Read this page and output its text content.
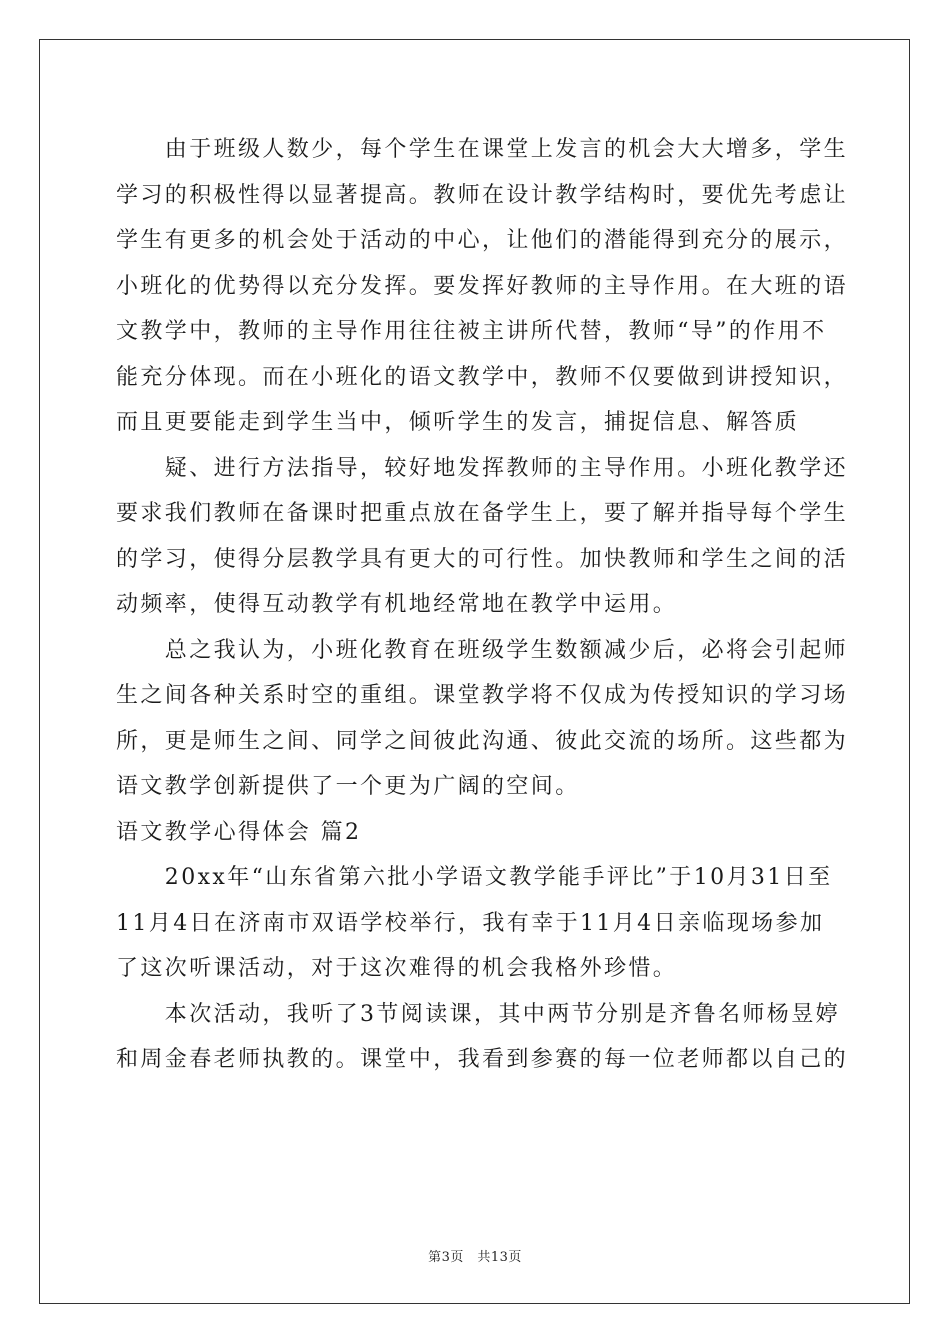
　　由于班级人数少，每个学生在课堂上发言的机会大大增多，学生
学习的积极性得以显著提高。教师在设计教学结构时，要优先考虑让
学生有更多的机会处于活动的中心，让他们的潜能得到充分的展示，
小班化的优势得以充分发挥。要发挥好教师的主导作用。在大班的语
文教学中，教师的主导作用往往被主讲所代替，教师“导”的作用不
能充分体现。而在小班化的语文教学中，教师不仅要做到讲授知识，
而且更要能走到学生当中，倾听学生的发言，捕捉信息、解答质
　　疑、进行方法指导，较好地发挥教师的主导作用。小班化教学还
要求我们教师在备课时把重点放在备学生上，要了解并指导每个学生
的学习，使得分层教学具有更大的可行性。加快教师和学生之间的活
动频率，使得互动教学有机地经常地在教学中运用。
　　总之我认为，小班化教育在班级学生数额减少后，必将会引起师
生之间各种关系时空的重组。课堂教学将不仅成为传授知识的学习场
所，更是师生之间、同学之间彼此沟通、彼此交流的场所。这些都为
语文教学创新提供了一个更为广阔的空间。
语文教学心得体会 篇2
　　20xx年“山东省第六批小学语文教学能手评比”于10月31日至
11月4日在济南市双语学校举行，我有幸于11月4日亲临现场参加
了这次听课活动，对于这次难得的机会我格外珍惜。
　　本次活动，我听了3节阅读课，其中两节分别是齐鲁名师杨昱婷
和周金春老师执教的。课堂中，我看到参赛的每一位老师都以自己的
第3页　共13页
